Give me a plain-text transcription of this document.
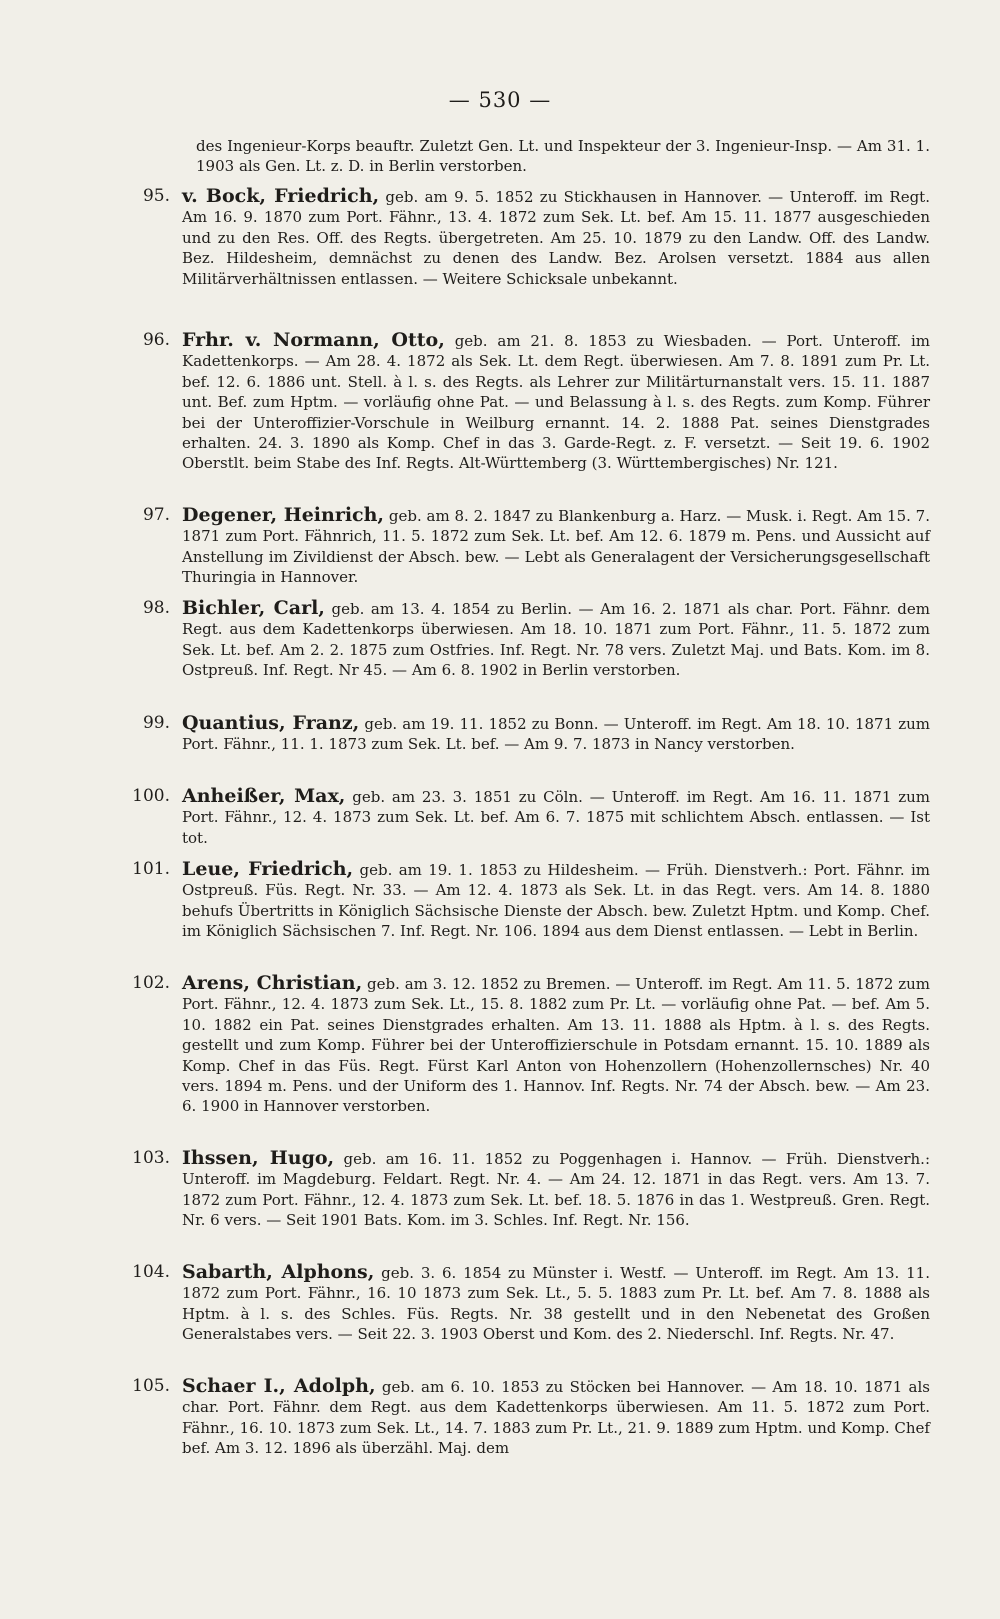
— 530 —
des Ingenieur-Korps beauftr. Zuletzt Gen. Lt. und Inspekteur der 3. Ingenieur-Insp. — Am 31. 1. 1903 als Gen. Lt. z. D. in Berlin verstorben.
95. v. Bock, Friedrich, geb. am 9. 5. 1852 zu Stickhausen in Hannover. — Unteroff. im Regt. Am 16. 9. 1870 zum Port. Fähnr., 13. 4. 1872 zum Sek. Lt. bef. Am 15. 11. 1877 ausgeschieden und zu den Res. Off. des Regts. übergetreten. Am 25. 10. 1879 zu den Landw. Off. des Landw. Bez. Hildesheim, demnächst zu denen des Landw. Bez. Arolsen versetzt. 1884 aus allen Militärverhältnissen entlassen. — Weitere Schicksale unbekannt.
96. Frhr. v. Normann, Otto, geb. am 21. 8. 1853 zu Wiesbaden. — Port. Unteroff. im Kadettenkorps. — Am 28. 4. 1872 als Sek. Lt. dem Regt. überwiesen. Am 7. 8. 1891 zum Pr. Lt. bef. 12. 6. 1886 unt. Stell. à l. s. des Regts. als Lehrer zur Militärturnanstalt vers. 15. 11. 1887 unt. Bef. zum Hptm. — vorläufig ohne Pat. — und Belassung à l. s. des Regts. zum Komp. Führer bei der Unteroffizier-Vorschule in Weilburg ernannt. 14. 2. 1888 Pat. seines Dienstgrades erhalten. 24. 3. 1890 als Komp. Chef in das 3. Garde-Regt. z. F. versetzt. — Seit 19. 6. 1902 Oberstlt. beim Stabe des Inf. Regts. Alt-Württemberg (3. Württembergisches) Nr. 121.
97. Degener, Heinrich, geb. am 8. 2. 1847 zu Blankenburg a. Harz. — Musk. i. Regt. Am 15. 7. 1871 zum Port. Fähnrich, 11. 5. 1872 zum Sek. Lt. bef. Am 12. 6. 1879 m. Pens. und Aussicht auf Anstellung im Zivildienst der Absch. bew. — Lebt als Generalagent der Versicherungsgesellschaft Thuringia in Hannover.
98. Bichler, Carl, geb. am 13. 4. 1854 zu Berlin. — Am 16. 2. 1871 als char. Port. Fähnr. dem Regt. aus dem Kadettenkorps überwiesen. Am 18. 10. 1871 zum Port. Fähnr., 11. 5. 1872 zum Sek. Lt. bef. Am 2. 2. 1875 zum Ostfries. Inf. Regt. Nr. 78 vers. Zuletzt Maj. und Bats. Kom. im 8. Ostpreuß. Inf. Regt. Nr 45. — Am 6. 8. 1902 in Berlin verstorben.
99. Quantius, Franz, geb. am 19. 11. 1852 zu Bonn. — Unteroff. im Regt. Am 18. 10. 1871 zum Port. Fähnr., 11. 1. 1873 zum Sek. Lt. bef. — Am 9. 7. 1873 in Nancy verstorben.
100. Anheißer, Max, geb. am 23. 3. 1851 zu Cöln. — Unteroff. im Regt. Am 16. 11. 1871 zum Port. Fähnr., 12. 4. 1873 zum Sek. Lt. bef. Am 6. 7. 1875 mit schlichtem Absch. entlassen. — Ist tot.
101. Leue, Friedrich, geb. am 19. 1. 1853 zu Hildesheim. — Früh. Dienstverh.: Port. Fähnr. im Ostpreuß. Füs. Regt. Nr. 33. — Am 12. 4. 1873 als Sek. Lt. in das Regt. vers. Am 14. 8. 1880 behufs Übertritts in Königlich Sächsische Dienste der Absch. bew. Zuletzt Hptm. und Komp. Chef. im Königlich Sächsischen 7. Inf. Regt. Nr. 106. 1894 aus dem Dienst entlassen. — Lebt in Berlin.
102. Arens, Christian, geb. am 3. 12. 1852 zu Bremen. — Unteroff. im Regt. Am 11. 5. 1872 zum Port. Fähnr., 12. 4. 1873 zum Sek. Lt., 15. 8. 1882 zum Pr. Lt. — vorläufig ohne Pat. — bef. Am 5. 10. 1882 ein Pat. seines Dienstgrades erhalten. Am 13. 11. 1888 als Hptm. à l. s. des Regts. gestellt und zum Komp. Führer bei der Unteroffizierschule in Potsdam ernannt. 15. 10. 1889 als Komp. Chef in das Füs. Regt. Fürst Karl Anton von Hohenzollern (Hohenzollernsches) Nr. 40 vers. 1894 m. Pens. und der Uniform des 1. Hannov. Inf. Regts. Nr. 74 der Absch. bew. — Am 23. 6. 1900 in Hannover verstorben.
103. Ihssen, Hugo, geb. am 16. 11. 1852 zu Poggenhagen i. Hannov. — Früh. Dienstverh.: Unteroff. im Magdeburg. Feldart. Regt. Nr. 4. — Am 24. 12. 1871 in das Regt. vers. Am 13. 7. 1872 zum Port. Fähnr., 12. 4. 1873 zum Sek. Lt. bef. 18. 5. 1876 in das 1. Westpreuß. Gren. Regt. Nr. 6 vers. — Seit 1901 Bats. Kom. im 3. Schles. Inf. Regt. Nr. 156.
104. Sabarth, Alphons, geb. 3. 6. 1854 zu Münster i. Westf. — Unteroff. im Regt. Am 13. 11. 1872 zum Port. Fähnr., 16. 10 1873 zum Sek. Lt., 5. 5. 1883 zum Pr. Lt. bef. Am 7. 8. 1888 als Hptm. à l. s. des Schles. Füs. Regts. Nr. 38 gestellt und in den Nebenetat des Großen Generalstabes vers. — Seit 22. 3. 1903 Oberst und Kom. des 2. Niederschl. Inf. Regts. Nr. 47.
105. Schaer I., Adolph, geb. am 6. 10. 1853 zu Stöcken bei Hannover. — Am 18. 10. 1871 als char. Port. Fähnr. dem Regt. aus dem Kadettenkorps überwiesen. Am 11. 5. 1872 zum Port. Fähnr., 16. 10. 1873 zum Sek. Lt., 14. 7. 1883 zum Pr. Lt., 21. 9. 1889 zum Hptm. und Komp. Chef bef. Am 3. 12. 1896 als überzähl. Maj. dem
